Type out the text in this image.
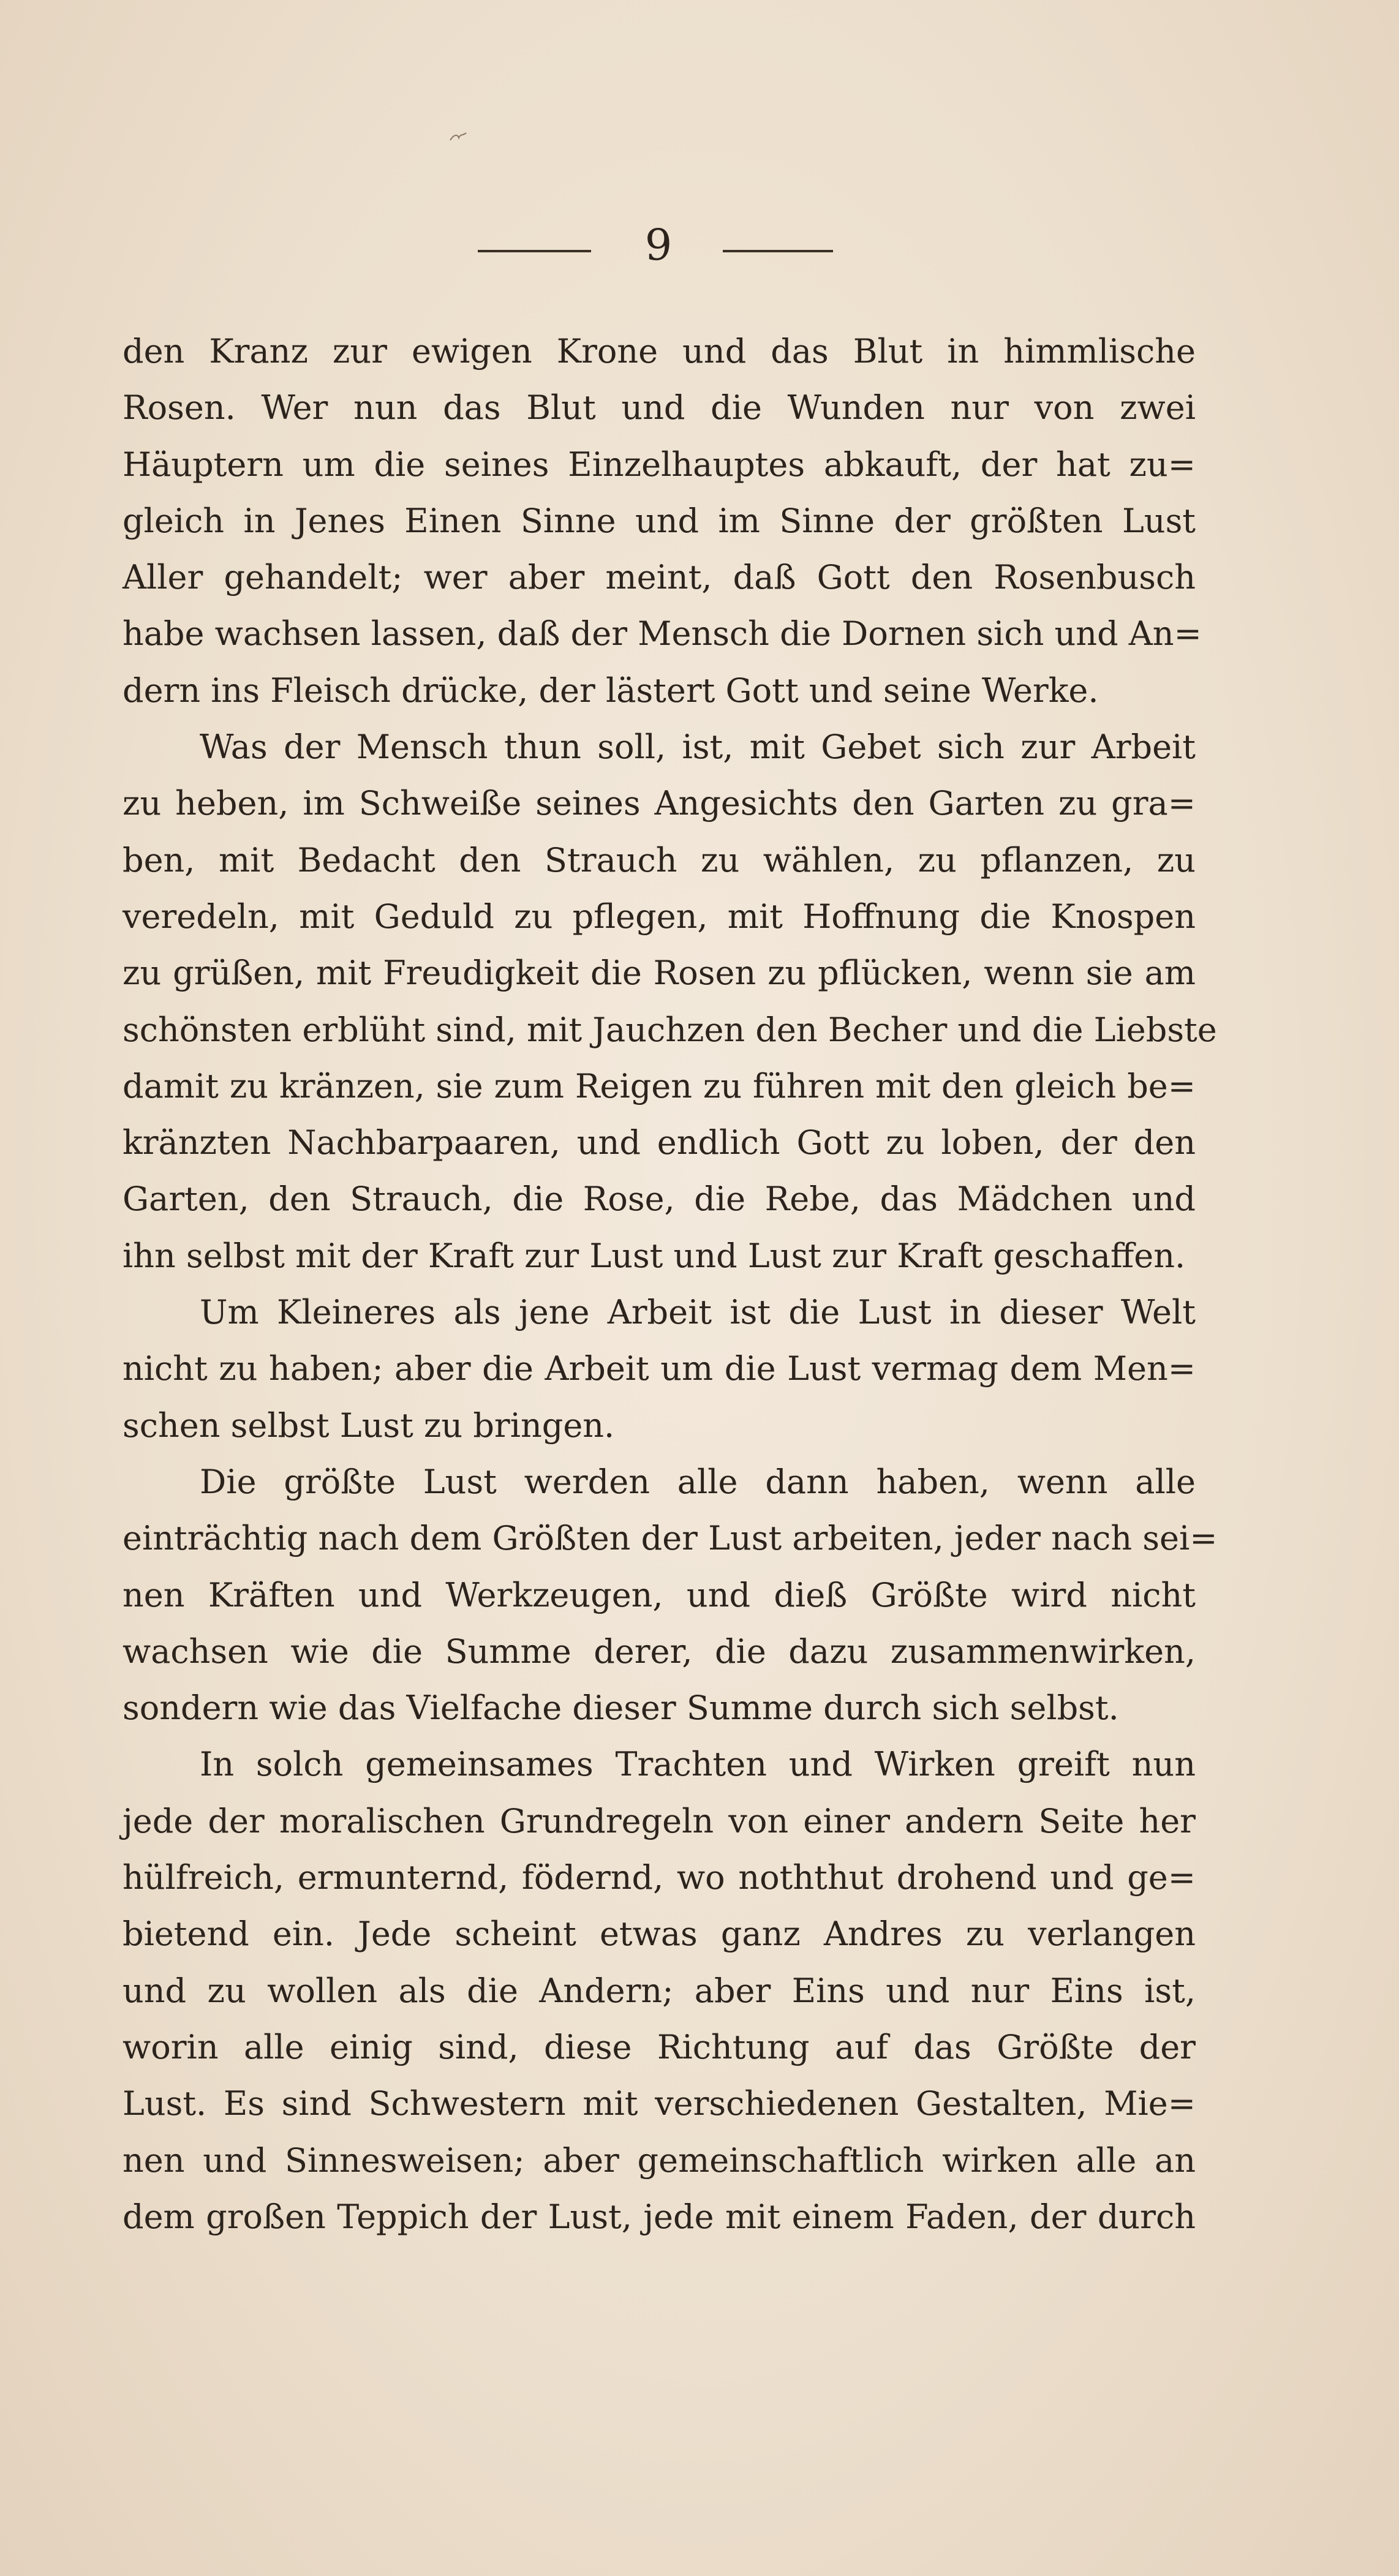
9
den Kranz zur ewigen Krone und das Blut in himmlische
Rosen. Wer nun das Blut und die Wunden nur von zwei
Häuptern um die seines Einzelhauptes abkauft, der hat zu=
gleich in Jenes Einen Sinne und im Sinne der größten Lust
Aller gehandelt; wer aber meint, daß Gott den Rosenbusch
habe wachsen lassen, daß der Mensch die Dornen sich und An=
dern ins Fleisch drücke, der lästert Gott und seine Werke.
Was der Mensch thun soll, ist, mit Gebet sich zur Arbeit
zu heben, im Schweiße seines Angesichts den Garten zu gra=
ben, mit Bedacht den Strauch zu wählen, zu pflanzen, zu
veredeln, mit Geduld zu pflegen, mit Hoffnung die Knospen
zu grüßen, mit Freudigkeit die Rosen zu pflücken, wenn sie am
schönsten erblüht sind, mit Jauchzen den Becher und die Liebste
damit zu kränzen, sie zum Reigen zu führen mit den gleich be=
kränzten Nachbarpaaren, und endlich Gott zu loben, der den
Garten, den Strauch, die Rose, die Rebe, das Mädchen und
ihn selbst mit der Kraft zur Lust und Lust zur Kraft geschaffen.
Um Kleineres als jene Arbeit ist die Lust in dieser Welt
nicht zu haben; aber die Arbeit um die Lust vermag dem Men=
schen selbst Lust zu bringen.
Die größte Lust werden alle dann haben, wenn alle
einträchtig nach dem Größten der Lust arbeiten, jeder nach sei=
nen Kräften und Werkzeugen, und dieß Größte wird nicht
wachsen wie die Summe derer, die dazu zusammenwirken,
sondern wie das Vielfache dieser Summe durch sich selbst.
In solch gemeinsames Trachten und Wirken greift nun
jede der moralischen Grundregeln von einer andern Seite her
hülfreich, ermunternd, födernd, wo noththut drohend und ge=
bietend ein. Jede scheint etwas ganz Andres zu verlangen
und zu wollen als die Andern; aber Eins und nur Eins ist,
worin alle einig sind, diese Richtung auf das Größte der
Lust. Es sind Schwestern mit verschiedenen Gestalten, Mie=
nen und Sinnesweisen; aber gemeinschaftlich wirken alle an
dem großen Teppich der Lust, jede mit einem Faden, der durch
